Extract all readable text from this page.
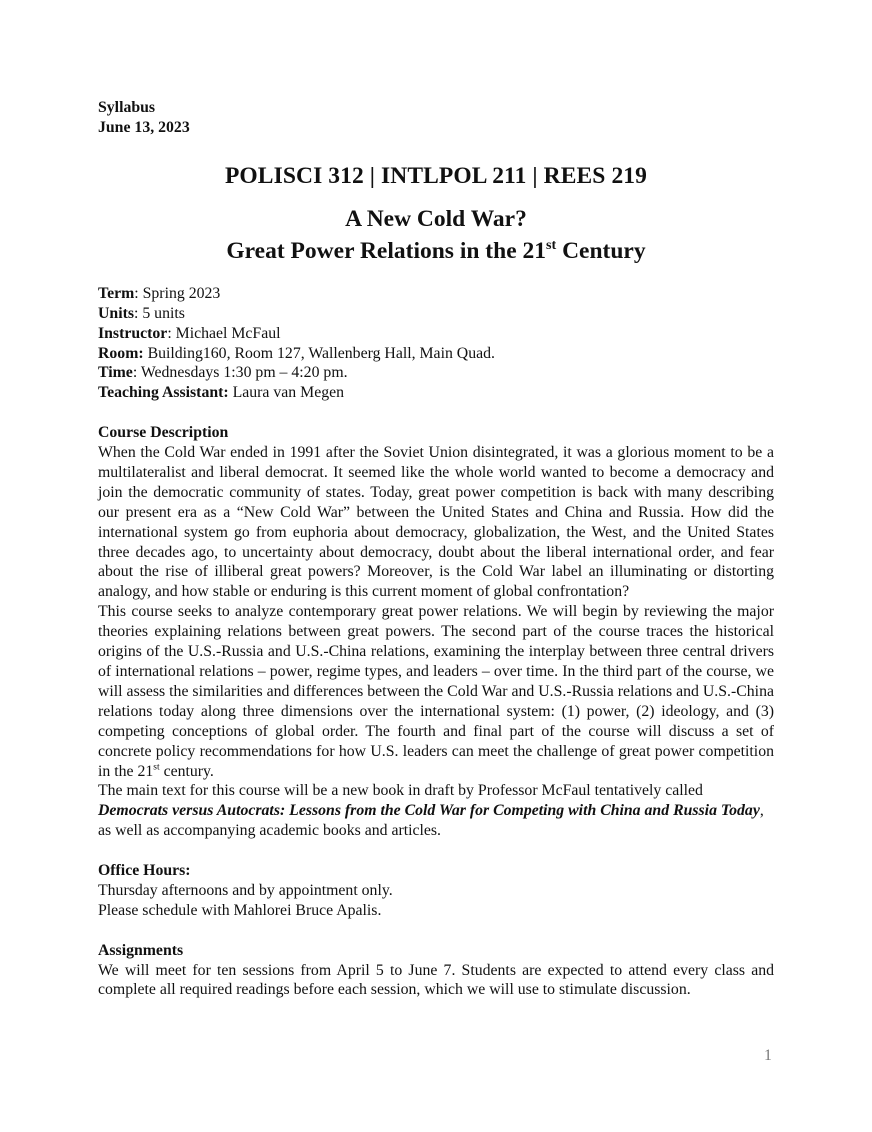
Syllabus
June 13, 2023
POLISCI 312 | INTLPOL 211 | REES 219
A New Cold War?
Great Power Relations in the 21st Century
Term: Spring 2023
Units: 5 units
Instructor: Michael McFaul
Room: Building160, Room 127, Wallenberg Hall, Main Quad.
Time: Wednesdays 1:30 pm – 4:20 pm.
Teaching Assistant: Laura van Megen
Course Description
When the Cold War ended in 1991 after the Soviet Union disintegrated, it was a glorious moment to be a multilateralist and liberal democrat. It seemed like the whole world wanted to become a democracy and join the democratic community of states. Today, great power competition is back with many describing our present era as a “New Cold War” between the United States and China and Russia. How did the international system go from euphoria about democracy, globalization, the West, and the United States three decades ago, to uncertainty about democracy, doubt about the liberal international order, and fear about the rise of illiberal great powers? Moreover, is the Cold War label an illuminating or distorting analogy, and how stable or enduring is this current moment of global confrontation?
This course seeks to analyze contemporary great power relations. We will begin by reviewing the major theories explaining relations between great powers. The second part of the course traces the historical origins of the U.S.-Russia and U.S.-China relations, examining the interplay between three central drivers of international relations – power, regime types, and leaders – over time. In the third part of the course, we will assess the similarities and differences between the Cold War and U.S.-Russia relations and U.S.-China relations today along three dimensions over the international system: (1) power, (2) ideology, and (3) competing conceptions of global order. The fourth and final part of the course will discuss a set of concrete policy recommendations for how U.S. leaders can meet the challenge of great power competition in the 21st century.
The main text for this course will be a new book in draft by Professor McFaul tentatively called Democrats versus Autocrats: Lessons from the Cold War for Competing with China and Russia Today, as well as accompanying academic books and articles.
Office Hours:
Thursday afternoons and by appointment only.
Please schedule with Mahlorei Bruce Apalis.
Assignments
We will meet for ten sessions from April 5 to June 7. Students are expected to attend every class and complete all required readings before each session, which we will use to stimulate discussion.
1
